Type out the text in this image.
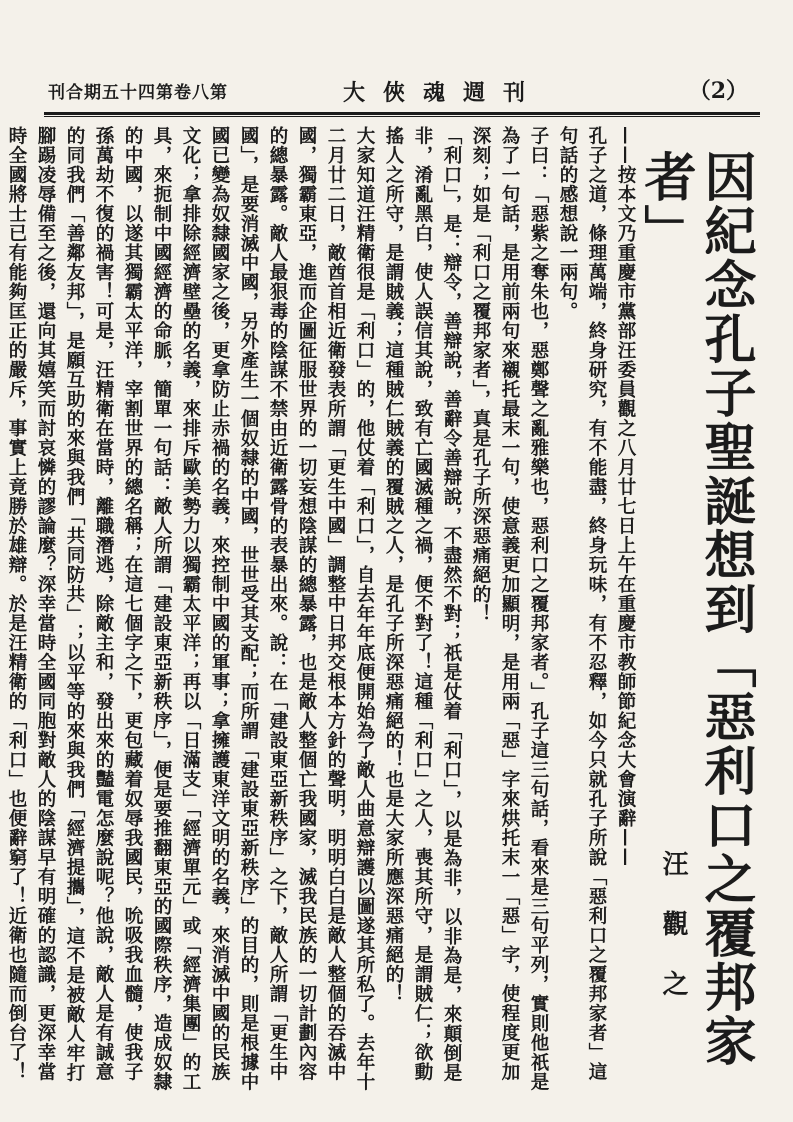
刊合期五十四第卷八第	大俠魂週刊	（2）

因紀念孔子聖誕想到「惡利口之覆邦家者」

汪觀之

——按本文乃重慶市黨部汪委員觀之八月廿七日上午在重慶市教師節紀念大會演辭——

孔子之道，條理萬端，終身研究，有不能盡，終身玩味，有不忍釋，如今只就孔子所說「惡利口之覆邦家者」這句話的感想說一兩句。

子曰：「惡紫之奪朱也，惡鄭聲之亂雅樂也，惡利口之覆邦家者。」孔子這三句話，看來是三句平列，實則他祇是為了一句話，是用前兩句來襯托最末一句，使意義更加顯明，是用兩「惡」字來烘托末一「惡」字，使程度更加深刻；如是「利口之覆邦家者」，真是孔子所深惡痛絕的！

「利口」，是：辯令，善辯說，善辭令善辯說，不盡然不對；祇是仗着「利口」，以是為非，以非為是，來顛倒是非，淆亂黑白，使人誤信其說，致有亡國滅種之禍，便不對了！這種「利口」之人，喪其所守，是謂賊仁；欲動搖人之所守，是謂賊義；這種賊仁賊義的覆賊之人，是孔子所深惡痛絕的！也是大家所應深惡痛絕的！

大家知道汪精衛很是「利口」的，他仗着「利口」，自去年年底便開始為了敵人曲意辯護以圖遂其所私了。去年十二月廿二日，敵酋首相近衛發表所謂「更生中國」調整中日邦交根本方針的聲明，明明白白是敵人整個的吞滅中國，獨霸東亞，進而企圖征服世界的一切妄想陰謀的總暴露，也是敵人整個亡我國家，滅我民族的一切計劃內容的總暴露。敵人最狠毒的陰謀不禁由近衛露骨的表暴出來。說：在「建設東亞新秩序」之下，敵人所謂「更生中國」，是要消滅中國，另外產生一個奴隸的中國，世世受其支配；而所謂「建設東亞新秩序」的目的，則是根據中國已變為奴隸國家之後，更拿防止赤禍的名義，來控制中國的軍事；拿擁護東洋文明的名義，來消滅中國的民族文化；拿排除經濟壁壘的名義，來排斥歐美勢力以獨霸太平洋；再以「日滿支」「經濟單元」或「經濟集團」的工具，來扼制中國經濟的命脈，簡單一句話：敵人所謂「建設東亞新秩序」，便是要推翻東亞的國際秩序，造成奴隸的中國，以遂其獨霸太平洋，宰割世界的總名稱；在這七個字之下，更包藏着奴辱我國民，吮吸我血髓，使我子孫萬劫不復的禍害！可是，汪精衛在當時，離職潛逃，除敵主和，發出來的豔電怎麼說呢？他說，敵人是有誠意的同我們「善鄰友邦」，是願互助的來與我們「共同防共」；以平等的來與我們「經濟提攜」，這不是被敵人牢打腳踢凌辱備至之後，還向其嬉笑而討哀憐的謬論麼？深幸當時全國同胞對敵人的陰謀早有明確的認識，更深幸當時全國將士已有能夠匡正的嚴斥，事實上竟勝於雄辯。於是汪精衛的「利口」也便辭窮了！近衛也隨而倒台了！
